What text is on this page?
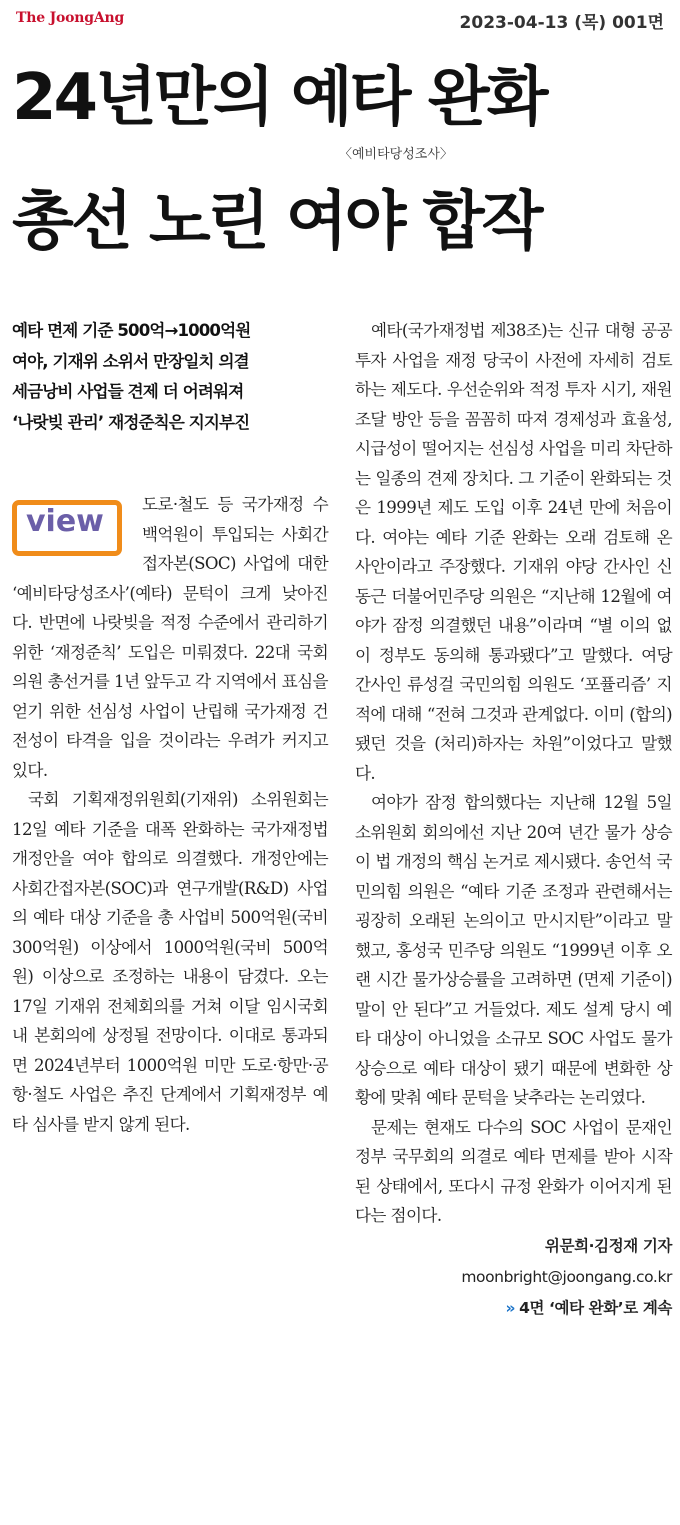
The JoongAng	2023-04-13 (목) 001면
24년만의 예타 완화
〈예비타당성조사〉
총선 노린 여야 합작
예타 면제 기준 500억→1000억원
여야, 기재위 소위서 만장일치 의결
세금낭비 사업들 견제 더 어려워져
‘나랏빚 관리’ 재정준칙은 지지부진
view	도로·철도 등 국가재정 수백억원이 투입되는 사회간접자본(SOC) 사업에 대한 ‘예비타당성조사’(예타) 문턱이 크게 낮아진다. 반면에 나랏빚을 적정 수준에서 관리하기 위한 ‘재정준칙’ 도입은 미뤄졌다. 22대 국회의원 총선거를 1년 앞두고 각 지역에서 표심을 얻기 위한 선심성 사업이 난립해 국가재정 건전성이 타격을 입을 것이라는 우려가 커지고 있다.

국회 기획재정위원회(기재위) 소위원회는 12일 예타 기준을 대폭 완화하는 국가재정법 개정안을 여야 합의로 의결했다. 개정안에는 사회간접자본(SOC)과 연구개발(R&D) 사업의 예타 대상 기준을 총 사업비 500억원(국비 300억원) 이상에서 1000억원(국비 500억원) 이상으로 조정하는 내용이 담겼다. 오는 17일 기재위 전체회의를 거쳐 이달 임시국회 내 본회의에 상정될 전망이다. 이대로 통과되면 2024년부터 1000억원 미만 도로·항만·공항·철도 사업은 추진 단계에서 기획재정부 예타 심사를 받지 않게 된다.

예타(국가재정법 제38조)는 신규 대형 공공투자 사업을 재정 당국이 사전에 자세히 검토하는 제도다. 우선순위와 적정 투자 시기, 재원 조달 방안 등을 꼼꼼히 따져 경제성과 효율성, 시급성이 떨어지는 선심성 사업을 미리 차단하는 일종의 견제 장치다. 그 기준이 완화되는 것은 1999년 제도 도입 이후 24년 만에 처음이다. 여야는 예타 기준 완화는 오래 검토해 온 사안이라고 주장했다. 기재위 야당 간사인 신동근 더불어민주당 의원은 “지난해 12월에 여야가 잠정 의결했던 내용”이라며 “별 이의 없이 정부도 동의해 통과됐다”고 말했다. 여당 간사인 류성걸 국민의힘 의원도 ‘포퓰리즘’ 지적에 대해 “전혀 그것과 관계없다. 이미 (합의)됐던 것을 (처리)하자는 차원”이었다고 말했다.

여야가 잠정 합의했다는 지난해 12월 5일 소위원회 회의에선 지난 20여 년간 물가 상승이 법 개정의 핵심 논거로 제시됐다. 송언석 국민의힘 의원은 “예타 기준 조정과 관련해서는 굉장히 오래된 논의이고 만시지탄”이라고 말했고, 홍성국 민주당 의원도 “1999년 이후 오랜 시간 물가상승률을 고려하면 (면제 기준이) 말이 안 된다”고 거들었다. 제도 설계 당시 예타 대상이 아니었을 소규모 SOC 사업도 물가 상승으로 예타 대상이 됐기 때문에 변화한 상황에 맞춰 예타 문턱을 낮추라는 논리였다.

문제는 현재도 다수의 SOC 사업이 문재인 정부 국무회의 의결로 예타 면제를 받아 시작된 상태에서, 또다시 규정 완화가 이어지게 된다는 점이다.

위문희·김정재 기자
moonbright@joongang.co.kr
» 4면 ‘예타 완화’로 계속
